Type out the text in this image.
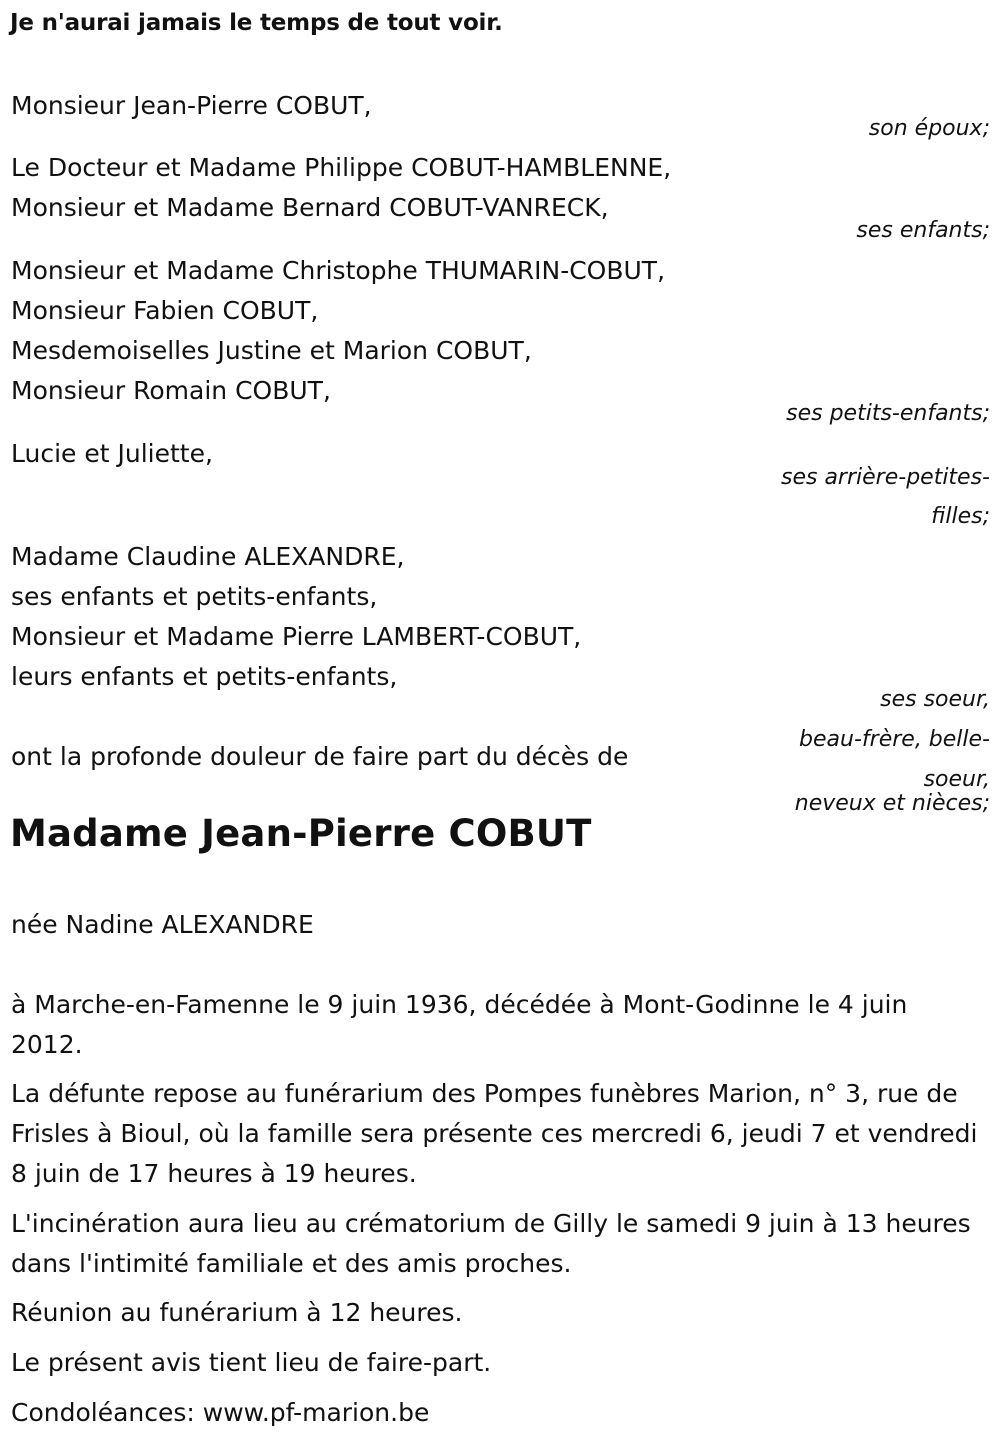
Je n'aurai jamais le temps de tout voir.
Monsieur Jean-Pierre COBUT,
son époux;
Le Docteur et Madame Philippe COBUT-HAMBLENNE,
Monsieur et Madame Bernard COBUT-VANRECK,
ses enfants;
Monsieur et Madame Christophe THUMARIN-COBUT,
Monsieur Fabien COBUT,
Mesdemoiselles Justine et Marion COBUT,
Monsieur Romain COBUT,
ses petits-enfants;
Lucie et Juliette,
ses arrière-petites-
filles;
Madame Claudine ALEXANDRE,
ses enfants et petits-enfants,
Monsieur et Madame Pierre LAMBERT-COBUT,
leurs enfants et petits-enfants,
ses soeur,
beau-frère, belle-
soeur,
neveux et nièces;
ont la profonde douleur de faire part du décès de
Madame Jean-Pierre COBUT
née Nadine ALEXANDRE
à Marche-en-Famenne le 9 juin 1936, décédée à Mont-Godinne le 4 juin 2012.
La défunte repose au funérarium des Pompes funèbres Marion, n° 3, rue de Frisles à Bioul, où la famille sera présente ces mercredi 6, jeudi 7 et vendredi 8 juin de 17 heures à 19 heures.
L'incinération aura lieu au crématorium de Gilly le samedi 9 juin à 13 heures dans l'intimité familiale et des amis proches.
Réunion au funérarium à 12 heures.
Le présent avis tient lieu de faire-part.
Condoléances: www.pf-marion.be
